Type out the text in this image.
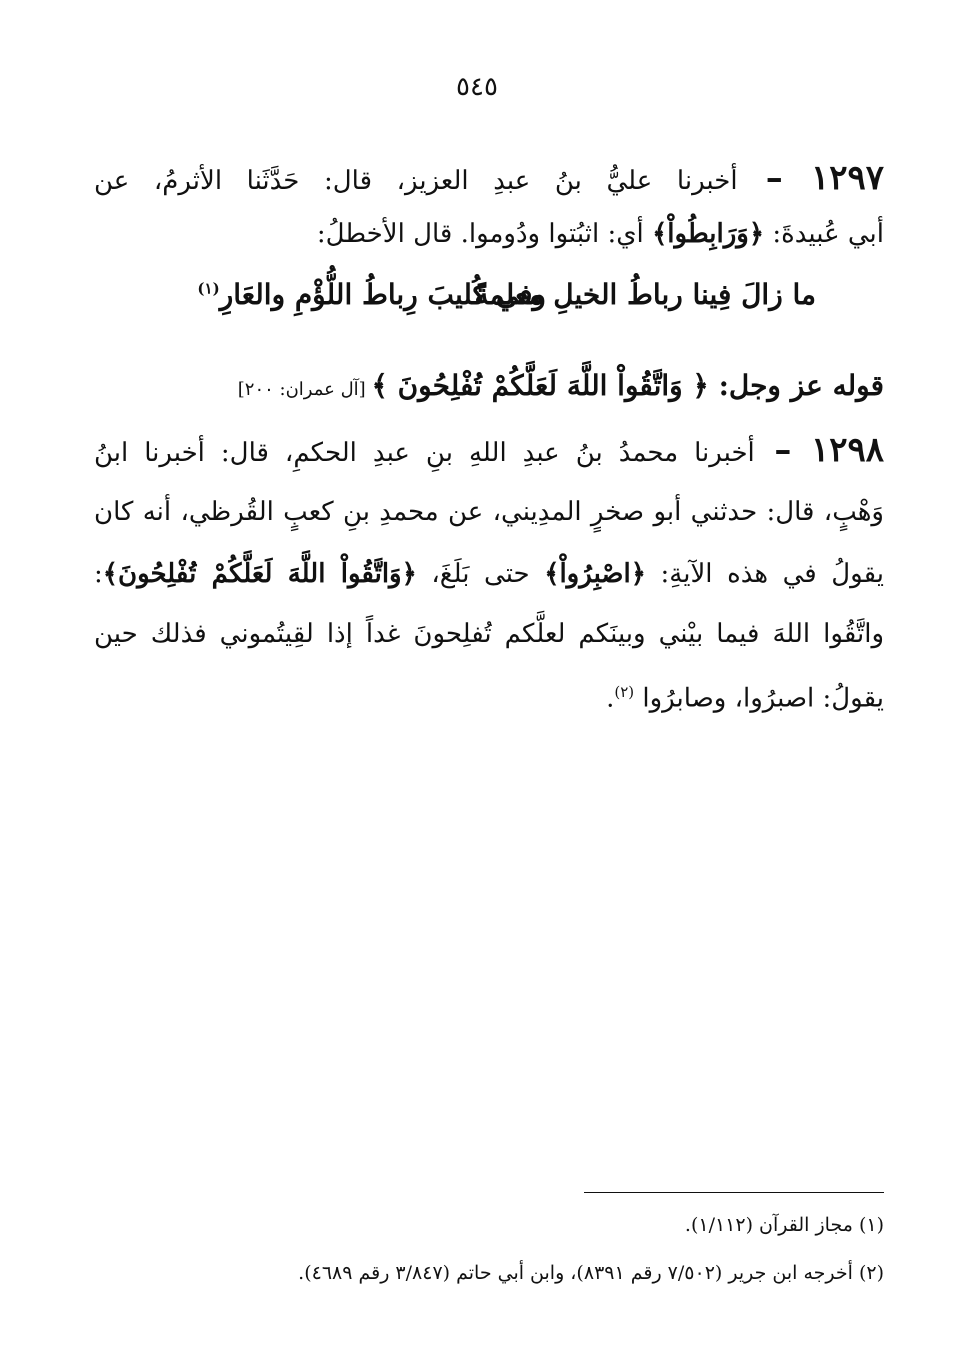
٥٤٥
١٢٩٧ – أخبرنا عليُّ بنُ عبدِ العزيز، قال: حَدَّثَنا الأثرمُ، عن
أبي عُبيدةَ: ﴿وَرَابِطُواْ﴾ أي: اثبُتوا ودُوموا. قال الأخطلُ:
ما زالَ فِينا رباطُ الخيلِ معلمةً
وفي كُليبَ رِباطُ اللُّؤْمِ والعَارِ$^{(١)}$
قوله عز وجل: ﴿ وَاتَّقُواْ اللَّهَ لَعَلَّكُمْ تُفْلِحُونَ ﴾ [آل عمران: ٢٠٠]
١٢٩٨ – أخبرنا محمدُ بنُ عبدِ اللهِ بنِ عبدِ الحكمِ، قال: أخبرنا ابنُ
وَهْبٍ، قال: حدثني أبو صخرٍ المدِيني، عن محمدِ بنِ كعبٍ القُرظي، أنه كان
يقولُ في هذه الآيةِ: ﴿اصْبِرُواْ﴾ حتى بَلَغَ، ﴿وَاتَّقُواْ اللَّهَ لَعَلَّكُمْ تُفْلِحُونَ﴾:
واتَّقُوا اللهَ فيما بيْني وبينَكم لعلَّكم تُفلِحونَ غداً إذا لقِيتُموني فذلك حين
يقولُ: اصبرُوا، وصابرُوا $^{(٢)}$.
(١) مجاز القرآن (١/١١٢).
(٢) أخرجه ابن جرير (٧/٥٠٢ رقم ٨٣٩١)، وابن أبي حاتم (٣/٨٤٧ رقم ٤٦٨٩).
